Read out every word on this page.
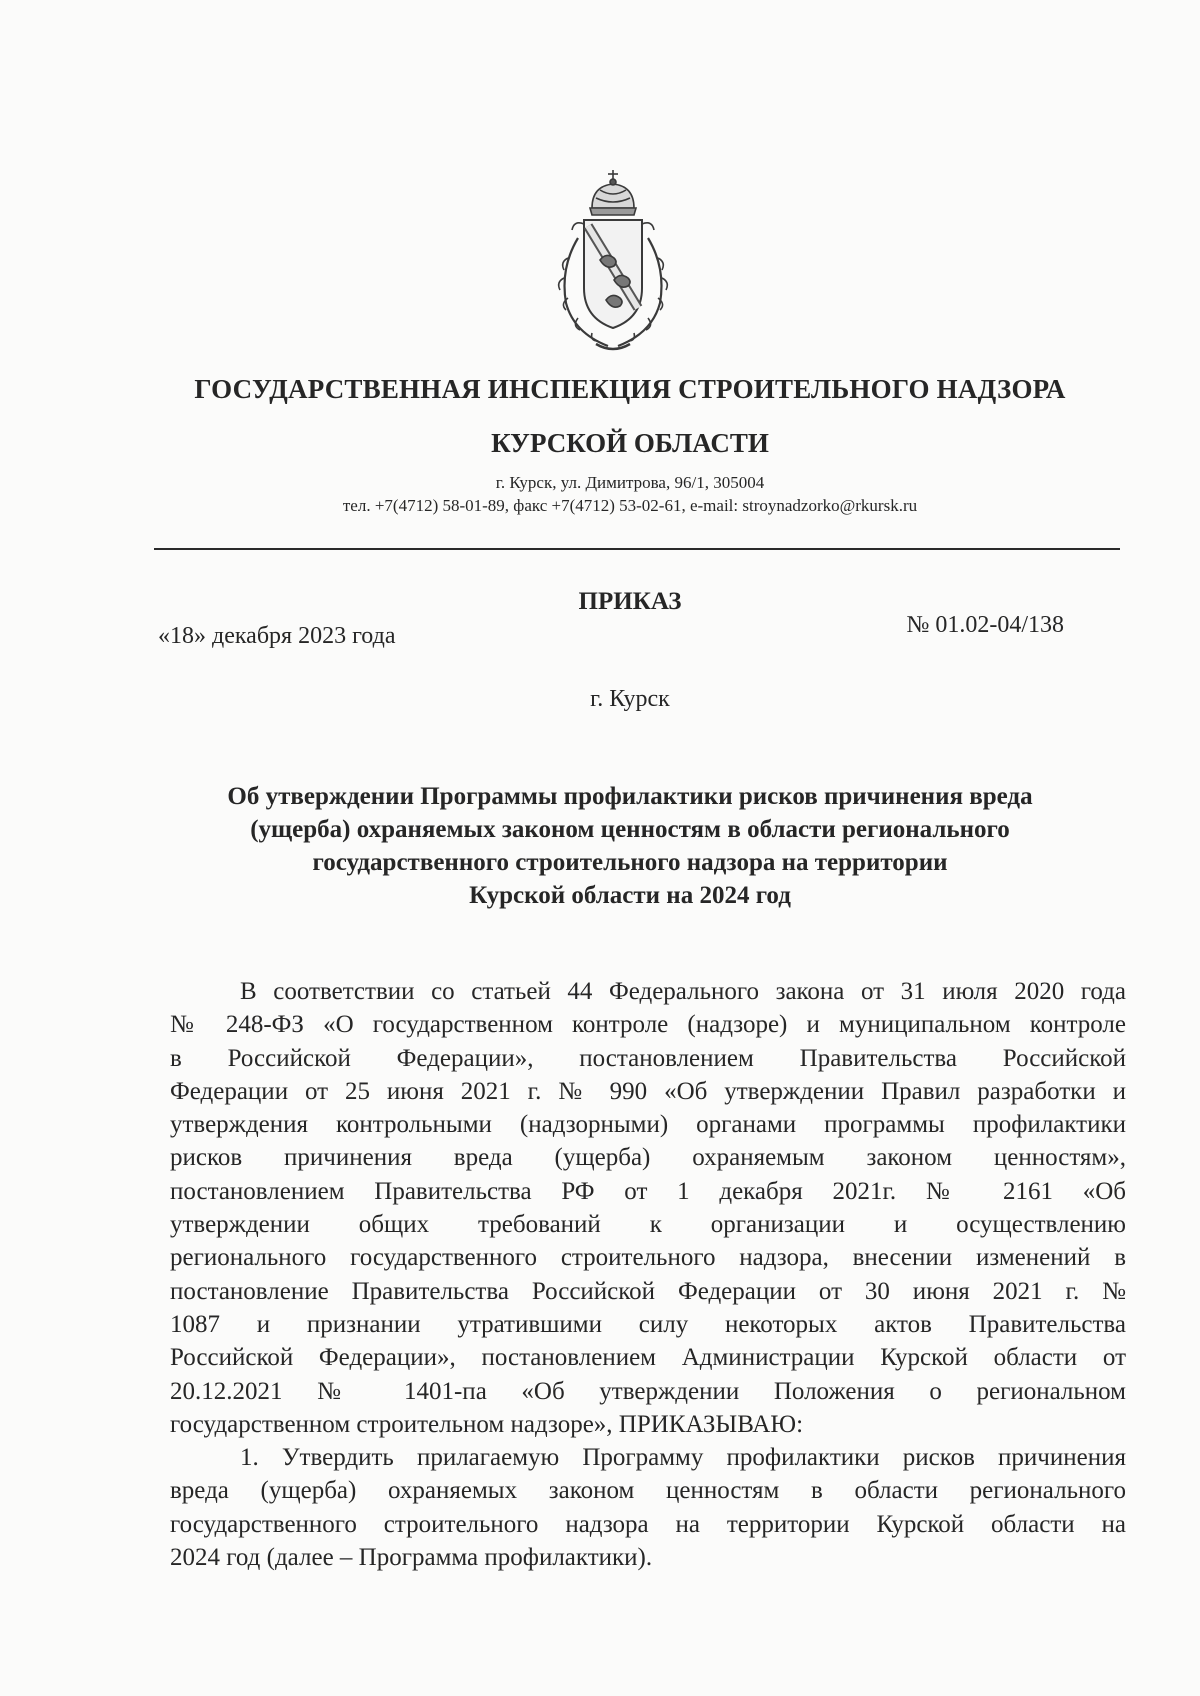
ГОСУДАРСТВЕННАЯ ИНСПЕКЦИЯ СТРОИТЕЛЬНОГО НАДЗОРА
КУРСКОЙ ОБЛАСТИ
г. Курск, ул. Димитрова, 96/1, 305004
тел. +7(4712) 58-01-89, факс +7(4712) 53-02-61, e-mail: stroynadzorko@rkursk.ru
ПРИКАЗ
«18» декабря 2023 года	№ 01.02-04/138
г. Курск
Об утверждении Программы профилактики рисков причинения вреда
(ущерба) охраняемых законом ценностям в области регионального
государственного строительного надзора на территории
Курской области на 2024 год
В соответствии со статьей 44 Федерального закона от 31 июля 2020 года
№ 248-ФЗ «О государственном контроле (надзоре) и муниципальном контроле
в Российской Федерации», постановлением Правительства Российской
Федерации от 25 июня 2021 г. № 990 «Об утверждении Правил разработки и
утверждения контрольными (надзорными) органами программы профилактики
рисков причинения вреда (ущерба) охраняемым законом ценностям»,
постановлением Правительства РФ от 1 декабря 2021г. № 2161 «Об
утверждении общих требований к организации и осуществлению
регионального государственного строительного надзора, внесении изменений в
постановление Правительства Российской Федерации от 30 июня 2021 г. №
1087 и признании утратившими силу некоторых актов Правительства
Российской Федерации», постановлением Администрации Курской области от
20.12.2021 № 1401-па «Об утверждении Положения о региональном
государственном строительном надзоре», ПРИКАЗЫВАЮ:
1. Утвердить прилагаемую Программу профилактики рисков причинения
вреда (ущерба) охраняемых законом ценностям в области регионального
государственного строительного надзора на территории Курской области на
2024 год (далее – Программа профилактики).
